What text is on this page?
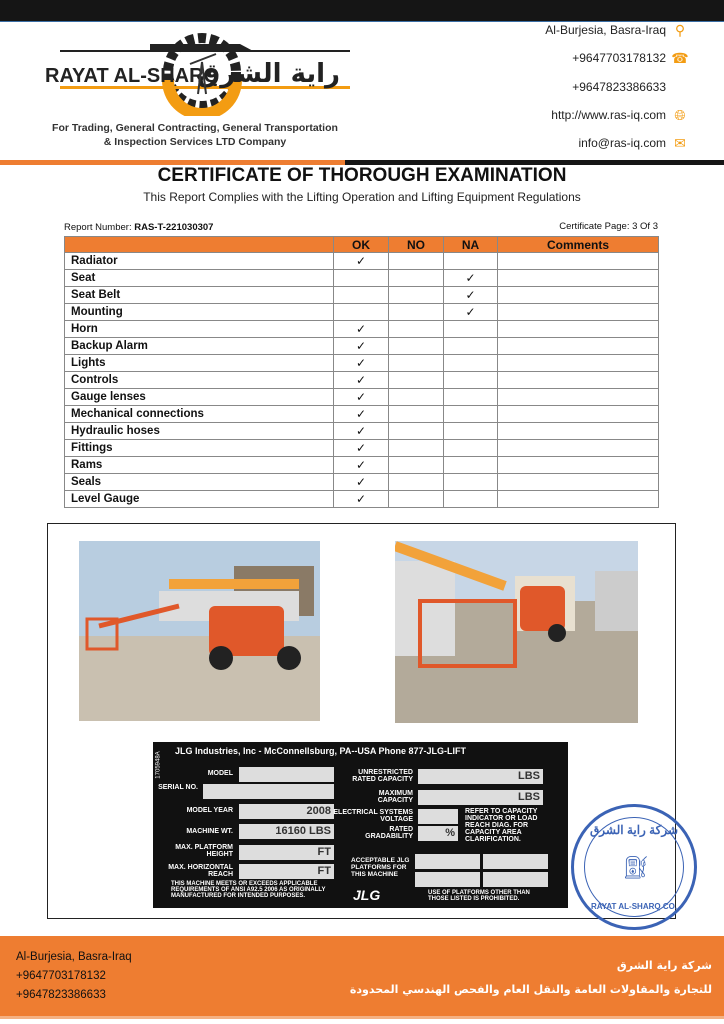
RAYAT AL-SHARQ
راية الشرق
For Trading, General Contracting, General Transportation
& Inspection Services LTD Company
Al-Burjesia, Basra-Iraq ⚲
+9647703178132 ☎
+9647823386633
http://www.ras-iq.com 🌐︎
info@ras-iq.com ✉
CERTIFICATE OF THOROUGH EXAMINATION
This Report Complies with the Lifting Operation and Lifting Equipment Regulations
Report Number: RAS-T-221030307	Certificate Page: 3 Of 3
	OK	NO	NA	Comments
Radiator	✓			
Seat			✓	
Seat Belt			✓	
Mounting			✓	
Horn	✓			
Backup Alarm	✓			
Lights	✓			
Controls	✓			
Gauge lenses	✓			
Mechanical connections	✓			
Hydraulic hoses	✓			
Fittings	✓			
Rams	✓			
Seals	✓			
Level Gauge	✓			
JLG Industries, Inc - McConnellsburg, PA--USA Phone 877-JLG-LIFT
1705948A	MODEL
SERIAL NO.
MODEL YEAR	2008
MACHINE WT.	16160 LBS
MAX. PLATFORM HEIGHT	FT
MAX. HORIZONTAL REACH	FT
THIS MACHINE MEETS OR EXCEEDS APPLICABLE REQUIREMENTS OF ANSI A92.5 2006 AS ORIGINALLY MANUFACTURED FOR INTENDED PURPOSES.
UNRESTRICTED RATED CAPACITY	LBS
MAXIMUM CAPACITY	LBS
ELECTRICAL SYSTEMS VOLTAGE
RATED GRADABILITY	%
REFER TO CAPACITY INDICATOR OR LOAD REACH DIAG. FOR CAPACITY AREA CLARIFICATION.
ACCEPTABLE JLG PLATFORMS FOR THIS MACHINE
JLG	USE OF PLATFORMS OTHER THAN THOSE LISTED IS PROHIBITED.
شركة راية الشرق
RAYAT AL-SHARQ CO.
⛽︎
Al-Burjesia, Basra-Iraq
+9647703178132
+9647823386633
شركة راية الشرق
للتجارة والمقاولات العامة والنقل العام والفحص الهندسي المحدودة
